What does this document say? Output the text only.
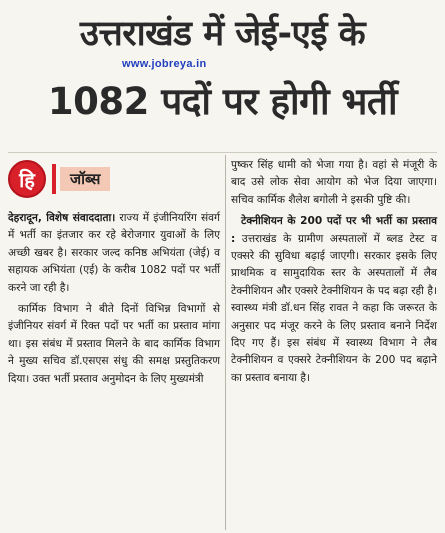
उत्तराखंड में जेई-एई के
www.jobreya.in
1082 पदों पर होगी भर्ती
हि	जॉब्स

देहरादून, विशेष संवाददाता। राज्य में इंजीनियरिंग संवर्ग में भर्ती का इंतजार कर रहे बेरोजगार युवाओं के लिए अच्छी खबर है। सरकार जल्द कनिष्ठ अभियंता (जेई) व सहायक अभियंता (एई) के करीब 1082 पदों पर भर्ती करने जा रही है।

कार्मिक विभाग ने बीते दिनों विभिन्न विभागों से इंजीनियर संवर्ग में रिक्त पदों पर भर्ती का प्रस्ताव मांगा था। इस संबंध में प्रस्ताव मिलने के बाद कार्मिक विभाग ने मुख्य सचिव डॉ.एसएस संधु की समक्ष प्रस्तुतिकरण दिया। उक्त भर्ती प्रस्ताव अनुमोदन के लिए मुख्यमंत्री

पुष्कर सिंह धामी को भेजा गया है। वहां से मंजूरी के बाद उसे लोक सेवा आयोग को भेज दिया जाएगा। सचिव कार्मिक शैलेश बगोली ने इसकी पुष्टि की।

टेक्नीशियन के 200 पदों पर भी भर्ती का प्रस्ताव : उत्तराखंड के ग्रामीण अस्पतालों में ब्लड टेस्ट व एक्सरे की सुविधा बढ़ाई जाएगी। सरकार इसके लिए प्राथमिक व सामुदायिक स्तर के अस्पतालों में लैब टेक्नीशियन और एक्सरे टेक्नीशियन के पद बढ़ा रही है। स्वास्थ्य मंत्री डॉ.धन सिंह रावत ने कहा कि जरूरत के अनुसार पद मंजूर करने के लिए प्रस्ताव बनाने निर्देश दिए गए हैं। इस संबंध में स्वास्थ्य विभाग ने लैब टेक्नीशियन व एक्सरे टेक्नीशियन के 200 पद बढ़ाने का प्रस्ताव बनाया है।
